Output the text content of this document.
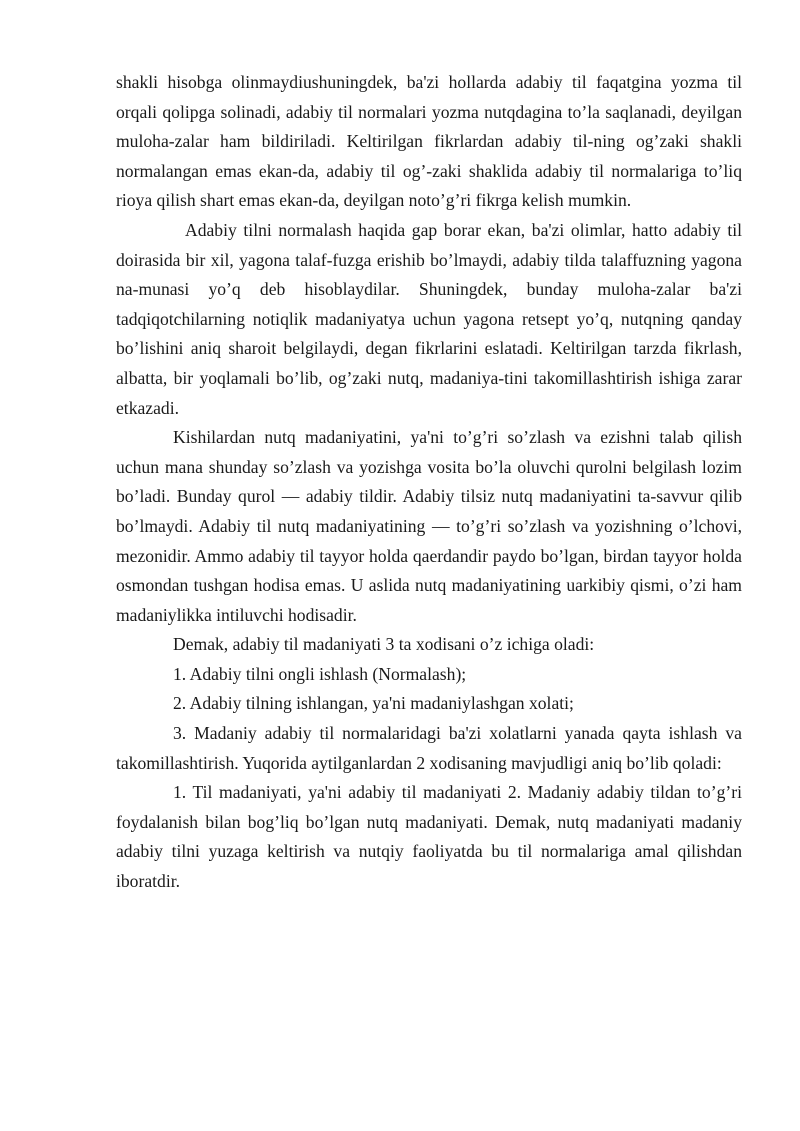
shakli hisobga olinmaydiushuningdek, ba'zi hollarda adabiy til faqatgina yozma til orqali qolipga solinadi, adabiy til normalari yozma nutqdagina to’la saqlanadi, deyilgan muloha-zalar ham bildiriladi. Keltirilgan fikrlardan adabiy til-ning og’zaki shakli normalangan emas ekan-da, adabiy til og’-zaki shaklida adabiy til normalariga to’liq rioya qilish shart emas ekan-da, deyilgan noto’g’ri fikrga kelish mumkin.

Adabiy tilni normalash haqida gap borar ekan, ba'zi olimlar, hatto adabiy til doirasida bir xil, yagona talaf-fuzga erishib bo’lmaydi, adabiy tilda talaffuzning yagona na-munasi yo’q deb hisoblaydilar. Shuningdek, bunday muloha-zalar ba'zi tadqiqotchilarning notiqlik madaniyatya uchun yagona retsept yo’q, nutqning qanday bo’lishini aniq sharoit belgilaydi, degan fikrlarini eslatadi. Keltirilgan tarzda fikrlash, albatta, bir yoqlamali bo’lib, og’zaki nutq, madaniya-tini takomillashtirish ishiga zarar etkazadi.

Kishilardan nutq madaniyatini, ya'ni to’g’ri so’zlash va ezishni talab qilish uchun mana shunday so’zlash va yozishga vosita bo’la oluvchi qurolni belgilash lozim bo’ladi. Bunday qurol — adabiy tildir. Adabiy tilsiz nutq madaniyatini ta-savvur qilib bo’lmaydi. Adabiy til nutq madaniyatining — to’g’ri so’zlash va yozishning o’lchovi, mezonidir. Ammo adabiy til tayyor holda qaerdandir paydo bo’lgan, birdan tayyor holda osmondan tushgan hodisa emas. U aslida nutq madaniyatining uarkibiy qismi, o’zi ham madaniylikka intiluvchi hodisadir.

Demak, adabiy til madaniyati 3 ta xodisani o’z ichiga oladi:

1. Adabiy tilni ongli ishlash (Normalash);

2. Adabiy tilning ishlangan, ya'ni madaniylashgan xolati;

3. Madaniy adabiy til normalaridagi ba'zi xolatlarni yanada qayta ishlash va takomillashtirish. Yuqorida aytilganlardan 2 xodisaning mavjudligi aniq bo’lib qoladi:

1. Til madaniyati, ya'ni adabiy til madaniyati 2. Madaniy adabiy tildan to’g’ri foydalanish bilan bog’liq bo’lgan nutq madaniyati. Demak, nutq madaniyati madaniy adabiy tilni yuzaga keltirish va nutqiy faoliyatda bu til normalariga amal qilishdan iboratdir.
